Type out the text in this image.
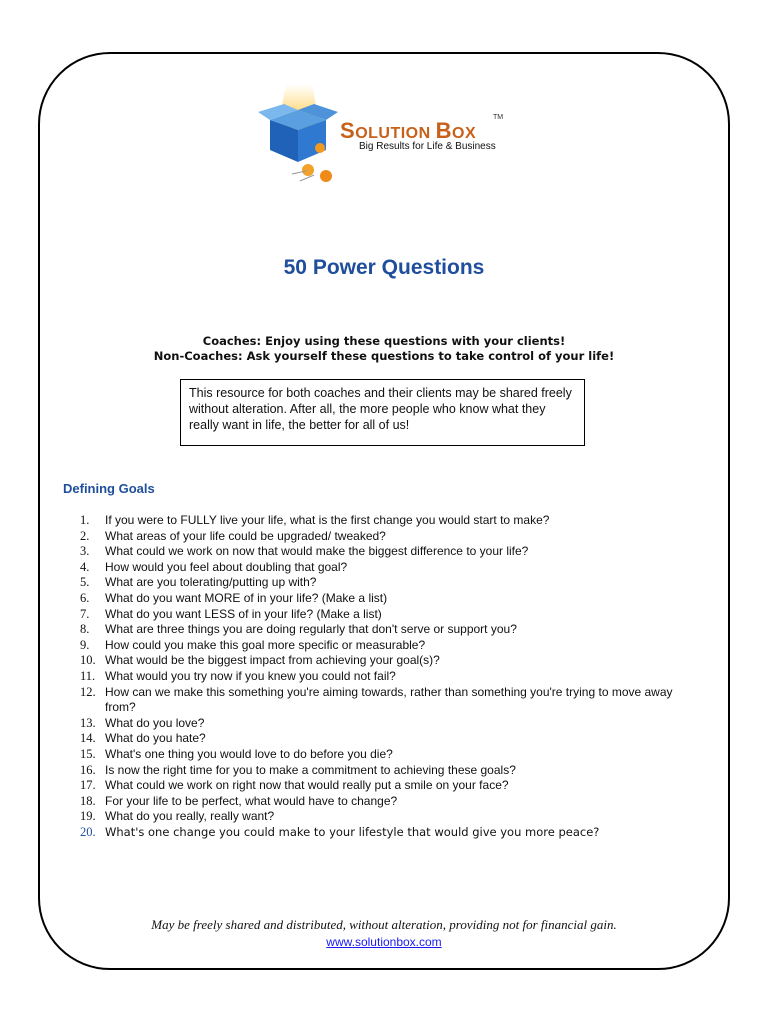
SOLUTION BOX
TM
Big Results for Life & Business
50 Power Questions
Coaches: Enjoy using these questions with your clients!
Non-Coaches: Ask yourself these questions to take control of your life!
This resource for both coaches and their clients may be shared freely without alteration. After all, the more people who know what they really want in life, the better for all of us!
Defining Goals
1.	If you were to FULLY live your life, what is the first change you would start to make?
2.	What areas of your life could be upgraded/ tweaked?
3.	What could we work on now that would make the biggest difference to your life?
4.	How would you feel about doubling that goal?
5.	What are you tolerating/putting up with?
6.	What do you want MORE of in your life? (Make a list)
7.	What do you want LESS of in your life? (Make a list)
8.	What are three things you are doing regularly that don't serve or support you?
9.	How could you make this goal more specific or measurable?
10. What would be the biggest impact from achieving your goal(s)?
11. What would you try now if you knew you could not fail?
12. How can we make this something you're aiming towards, rather than something you're trying to move away from?
13. What do you love?
14. What do you hate?
15. What's one thing you would love to do before you die?
16. Is now the right time for you to make a commitment to achieving these goals?
17. What could we work on right now that would really put a smile on your face?
18. For your life to be perfect, what would have to change?
19. What do you really, really want?
20. What's one change you could make to your lifestyle that would give you more peace?
May be freely shared and distributed, without alteration, providing not for financial gain.
www.solutionbox.com
